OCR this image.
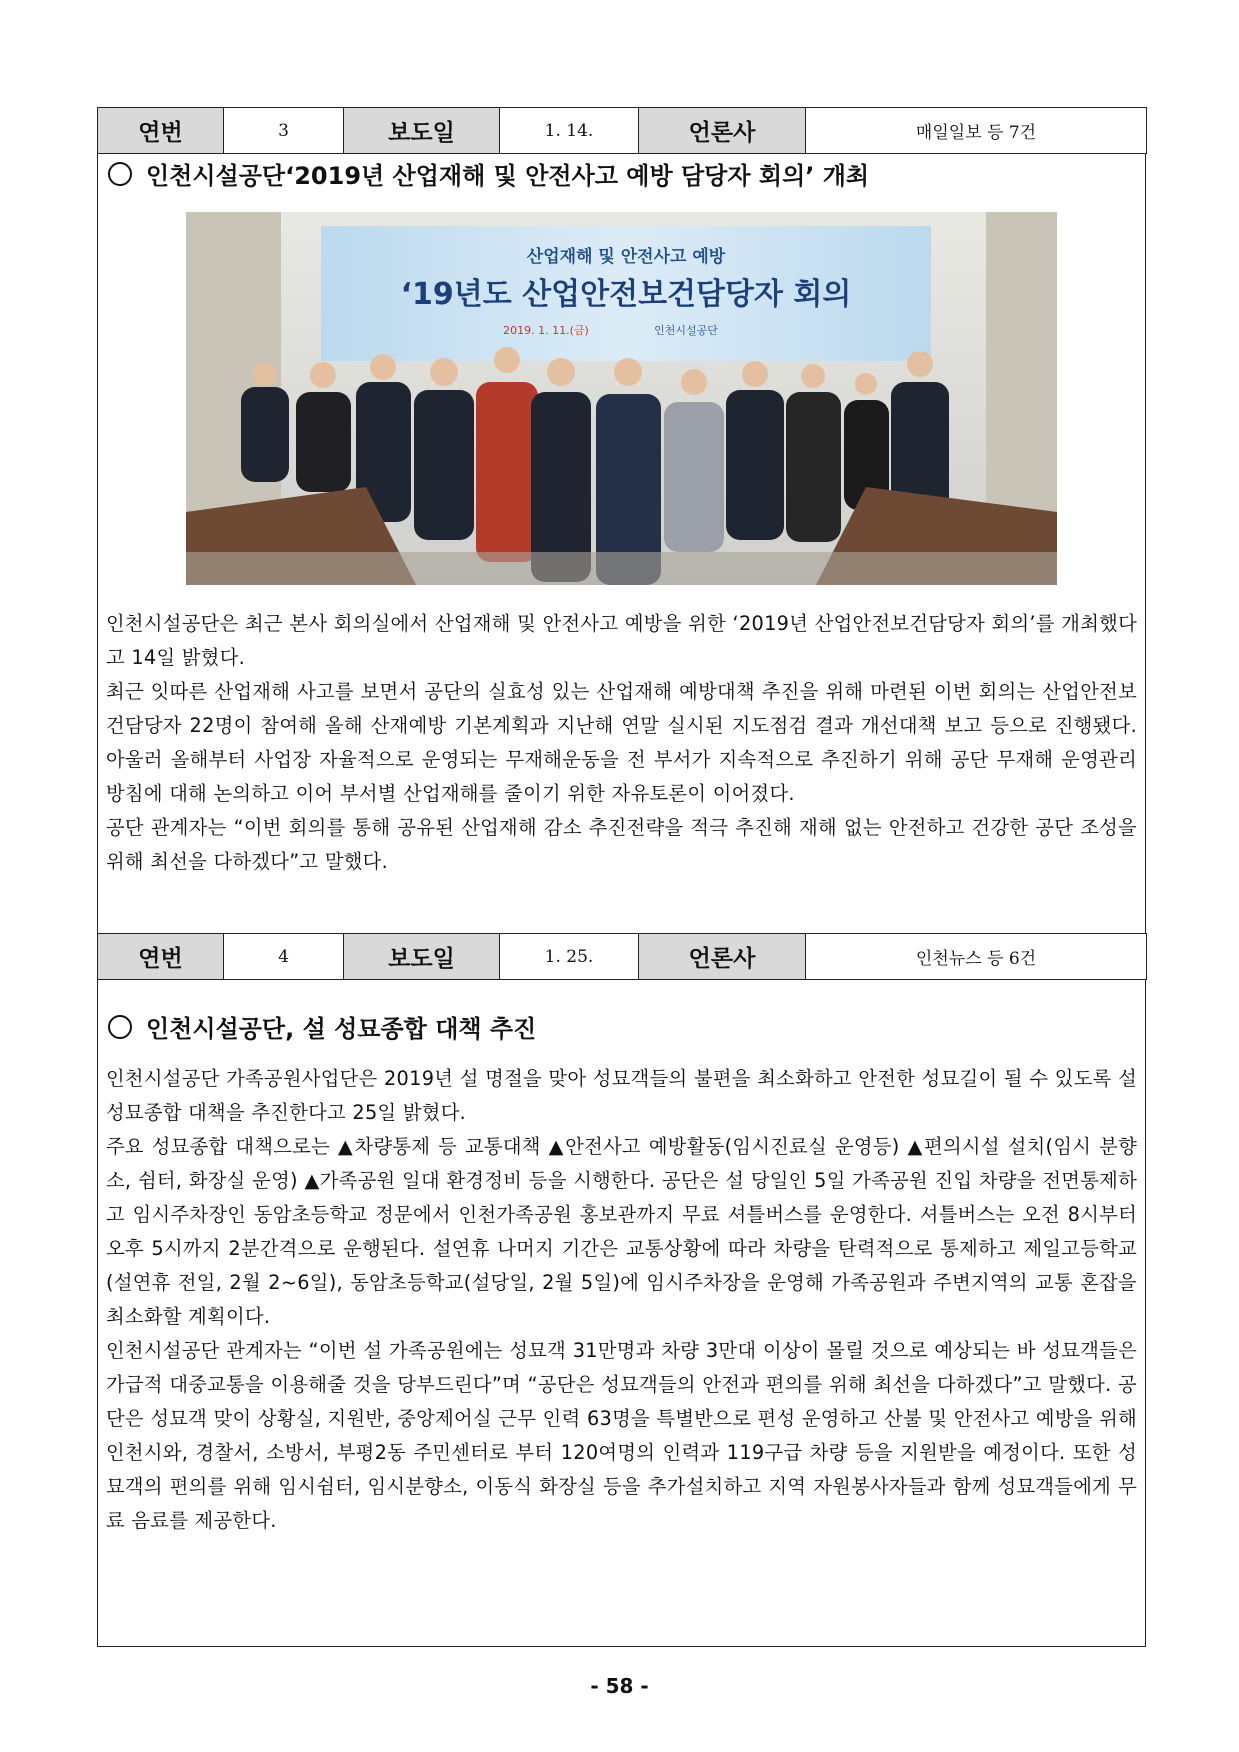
연번	3	보도일	1. 14.	언론사	매일일보 등 7건
인천시설공단‘2019년 산업재해 및 안전사고 예방 담당자 회의’ 개최
산업재해 및 안전사고 예방
‘19년도 산업안전보건담당자 회의
2019. 1. 11.(금)	인천시설공단

인천시설공단은 최근 본사 회의실에서 산업재해 및 안전사고 예방을 위한 ‘2019년 산업안전보건담당자 회의’를 개최했다고 14일 밝혔다.

최근 잇따른 산업재해 사고를 보면서 공단의 실효성 있는 산업재해 예방대책 추진을 위해 마련된 이번 회의는 산업안전보건담당자 22명이 참여해 올해 산재예방 기본계획과 지난해 연말 실시된 지도점검 결과 개선대책 보고 등으로 진행됐다. 아울러 올해부터 사업장 자율적으로 운영되는 무재해운동을 전 부서가 지속적으로 추진하기 위해 공단 무재해 운영관리 방침에 대해 논의하고 이어 부서별 산업재해를 줄이기 위한 자유토론이 이어졌다.

공단 관계자는 “이번 회의를 통해 공유된 산업재해 감소 추진전략을 적극 추진해 재해 없는 안전하고 건강한 공단 조성을 위해 최선을 다하겠다”고 말했다.

연번	4	보도일	1. 25.	언론사	인천뉴스 등 6건
인천시설공단, 설 성묘종합 대책 추진

인천시설공단 가족공원사업단은 2019년 설 명절을 맞아 성묘객들의 불편을 최소화하고 안전한 성묘길이 될 수 있도록 설 성묘종합 대책을 추진한다고 25일 밝혔다.

주요 성묘종합 대책으로는 ▲차량통제 등 교통대책 ▲안전사고 예방활동(임시진료실 운영등) ▲편의시설 설치(임시 분향소, 쉼터, 화장실 운영) ▲가족공원 일대 환경정비 등을 시행한다. 공단은 설 당일인 5일 가족공원 진입 차량을 전면통제하고 임시주차장인 동암초등학교 정문에서 인천가족공원 홍보관까지 무료 셔틀버스를 운영한다. 셔틀버스는 오전 8시부터 오후 5시까지 2분간격으로 운행된다. 설연휴 나머지 기간은 교통상황에 따라 차량을 탄력적으로 통제하고 제일고등학교(설연휴 전일, 2월 2~6일), 동암초등학교(설당일, 2월 5일)에 임시주차장을 운영해 가족공원과 주변지역의 교통 혼잡을 최소화할 계획이다.

인천시설공단 관계자는 “이번 설 가족공원에는 성묘객 31만명과 차량 3만대 이상이 몰릴 것으로 예상되는 바 성묘객들은 가급적 대중교통을 이용해줄 것을 당부드린다”며 “공단은 성묘객들의 안전과 편의를 위해 최선을 다하겠다”고 말했다. 공단은 성묘객 맞이 상황실, 지원반, 중앙제어실 근무 인력 63명을 특별반으로 편성 운영하고 산불 및 안전사고 예방을 위해 인천시와, 경찰서, 소방서, 부평2동 주민센터로 부터 120여명의 인력과 119구급 차량 등을 지원받을 예정이다. 또한 성묘객의 편의를 위해 임시쉼터, 임시분향소, 이동식 화장실 등을 추가설치하고 지역 자원봉사자들과 함께 성묘객들에게 무료 음료를 제공한다.

- 58 -
